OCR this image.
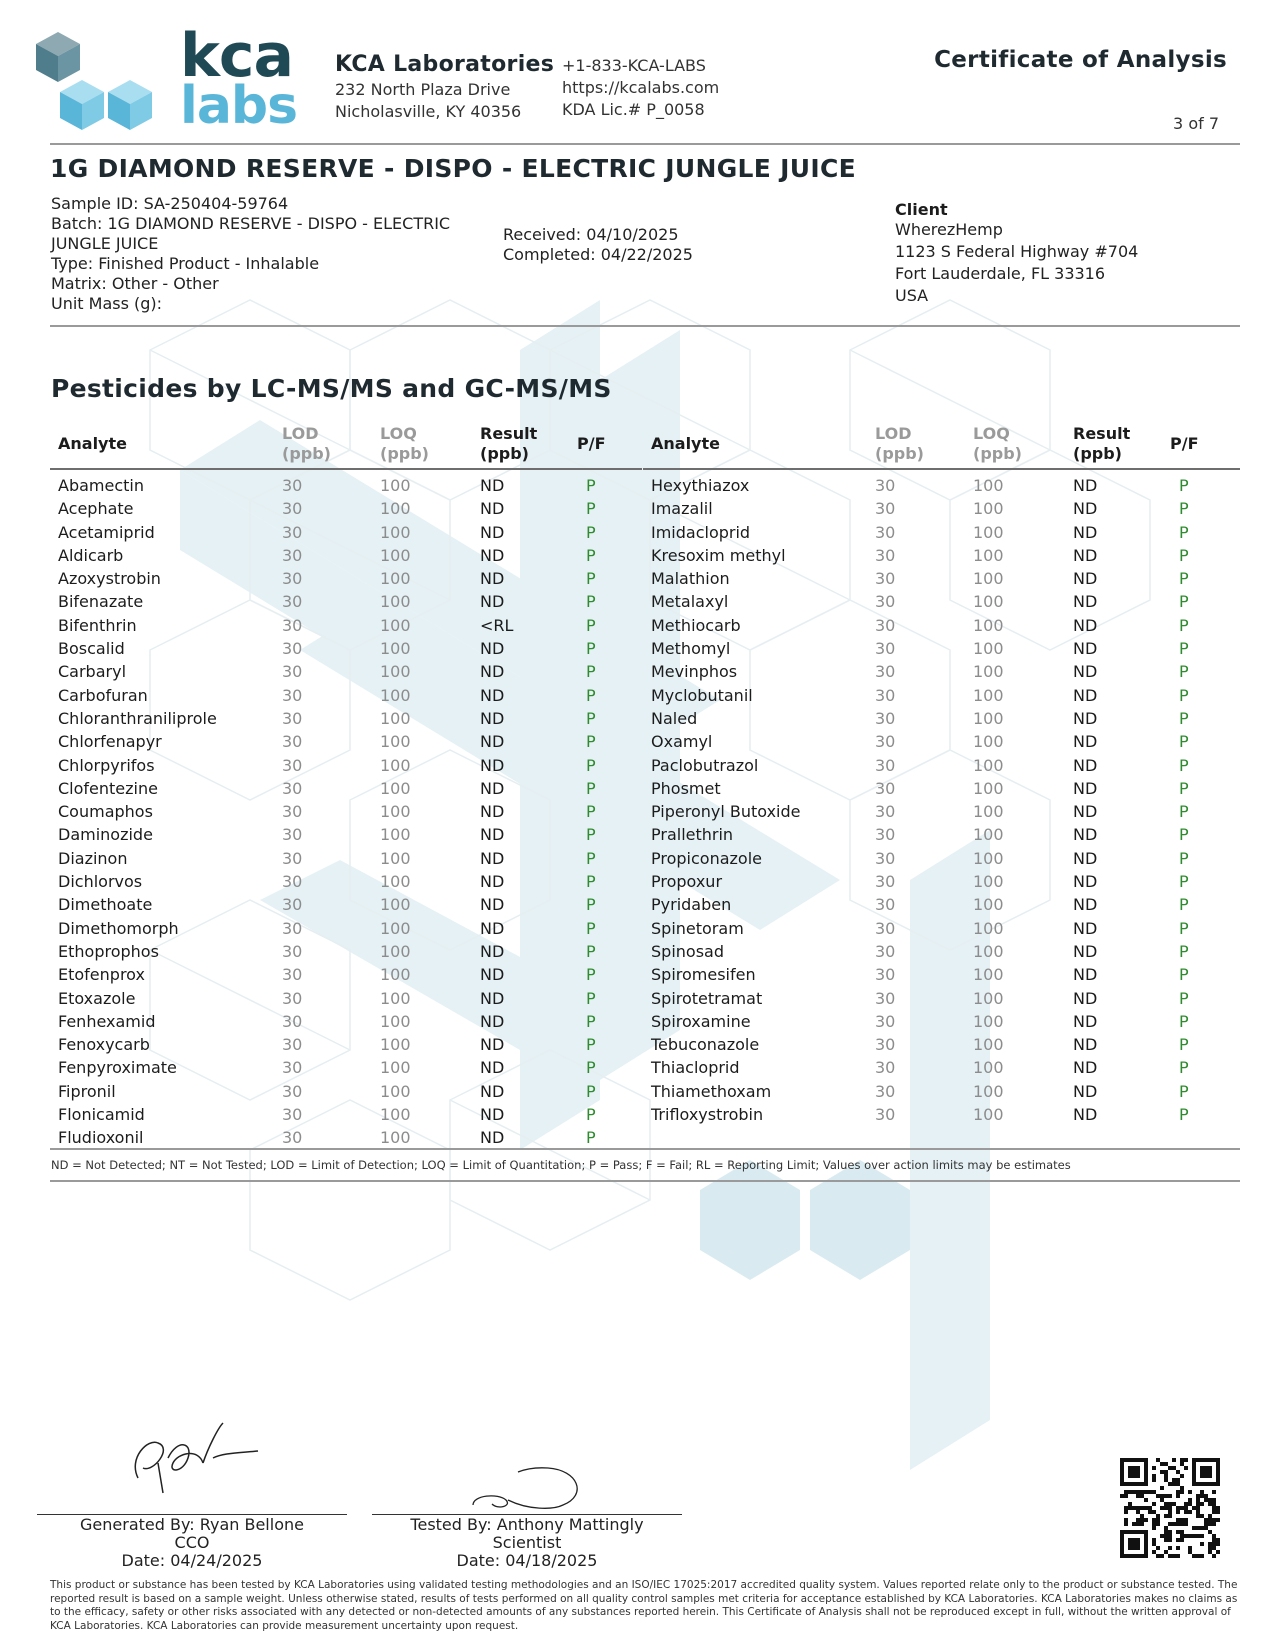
kca
labs
KCA Laboratories
232 North Plaza Drive
Nicholasville, KY 40356
+1-833-KCA-LABS
https://kcalabs.com
KDA Lic.# P_0058
Certificate of Analysis
3 of 7
1G DIAMOND RESERVE - DISPO - ELECTRIC JUNGLE JUICE
Sample ID: SA-250404-59764
Batch: 1G DIAMOND RESERVE - DISPO - ELECTRIC
JUNGLE JUICE
Type: Finished Product - Inhalable
Matrix: Other - Other
Unit Mass (g):
Received: 04/10/2025
Completed: 04/22/2025
Client
WherezHemp
1123 S Federal Highway #704
Fort Lauderdale, FL 33316
USA
Pesticides by LC-MS/MS and GC-MS/MS
Analyte
LOD
(ppb)
LOQ
(ppb)
Result
(ppb)
P/F
Abamectin	30	100	ND	P
Acephate	30	100	ND	P
Acetamiprid	30	100	ND	P
Aldicarb	30	100	ND	P
Azoxystrobin	30	100	ND	P
Bifenazate	30	100	ND	P
Bifenthrin	30	100	<RL	P
Boscalid	30	100	ND	P
Carbaryl	30	100	ND	P
Carbofuran	30	100	ND	P
Chloranthraniliprole	30	100	ND	P
Chlorfenapyr	30	100	ND	P
Chlorpyrifos	30	100	ND	P
Clofentezine	30	100	ND	P
Coumaphos	30	100	ND	P
Daminozide	30	100	ND	P
Diazinon	30	100	ND	P
Dichlorvos	30	100	ND	P
Dimethoate	30	100	ND	P
Dimethomorph	30	100	ND	P
Ethoprophos	30	100	ND	P
Etofenprox	30	100	ND	P
Etoxazole	30	100	ND	P
Fenhexamid	30	100	ND	P
Fenoxycarb	30	100	ND	P
Fenpyroximate	30	100	ND	P
Fipronil	30	100	ND	P
Flonicamid	30	100	ND	P
Fludioxonil	30	100	ND	P
Analyte
LOD
(ppb)
LOQ
(ppb)
Result
(ppb)
P/F
Hexythiazox	30	100	ND	P
Imazalil	30	100	ND	P
Imidacloprid	30	100	ND	P
Kresoxim methyl	30	100	ND	P
Malathion	30	100	ND	P
Metalaxyl	30	100	ND	P
Methiocarb	30	100	ND	P
Methomyl	30	100	ND	P
Mevinphos	30	100	ND	P
Myclobutanil	30	100	ND	P
Naled	30	100	ND	P
Oxamyl	30	100	ND	P
Paclobutrazol	30	100	ND	P
Phosmet	30	100	ND	P
Piperonyl Butoxide	30	100	ND	P
Prallethrin	30	100	ND	P
Propiconazole	30	100	ND	P
Propoxur	30	100	ND	P
Pyridaben	30	100	ND	P
Spinetoram	30	100	ND	P
Spinosad	30	100	ND	P
Spiromesifen	30	100	ND	P
Spirotetramat	30	100	ND	P
Spiroxamine	30	100	ND	P
Tebuconazole	30	100	ND	P
Thiacloprid	30	100	ND	P
Thiamethoxam	30	100	ND	P
Trifloxystrobin	30	100	ND	P
ND = Not Detected; NT = Not Tested; LOD = Limit of Detection; LOQ = Limit of Quantitation; P = Pass; F = Fail; RL = Reporting Limit; Values over action limits may be estimates
Generated By: Ryan Bellone
CCO
Date: 04/24/2025
Tested By: Anthony Mattingly
Scientist
Date: 04/18/2025
This product or substance has been tested by KCA Laboratories using validated testing methodologies and an ISO/IEC 17025:2017 accredited quality system. Values reported relate only to the product or substance tested. The reported result is based on a sample weight. Unless otherwise stated, results of tests performed on all quality control samples met criteria for acceptance established by KCA Laboratories. KCA Laboratories makes no claims as to the efficacy, safety or other risks associated with any detected or non-detected amounts of any substances reported herein. This Certificate of Analysis shall not be reproduced except in full, without the written approval of KCA Laboratories. KCA Laboratories can provide measurement uncertainty upon request.
